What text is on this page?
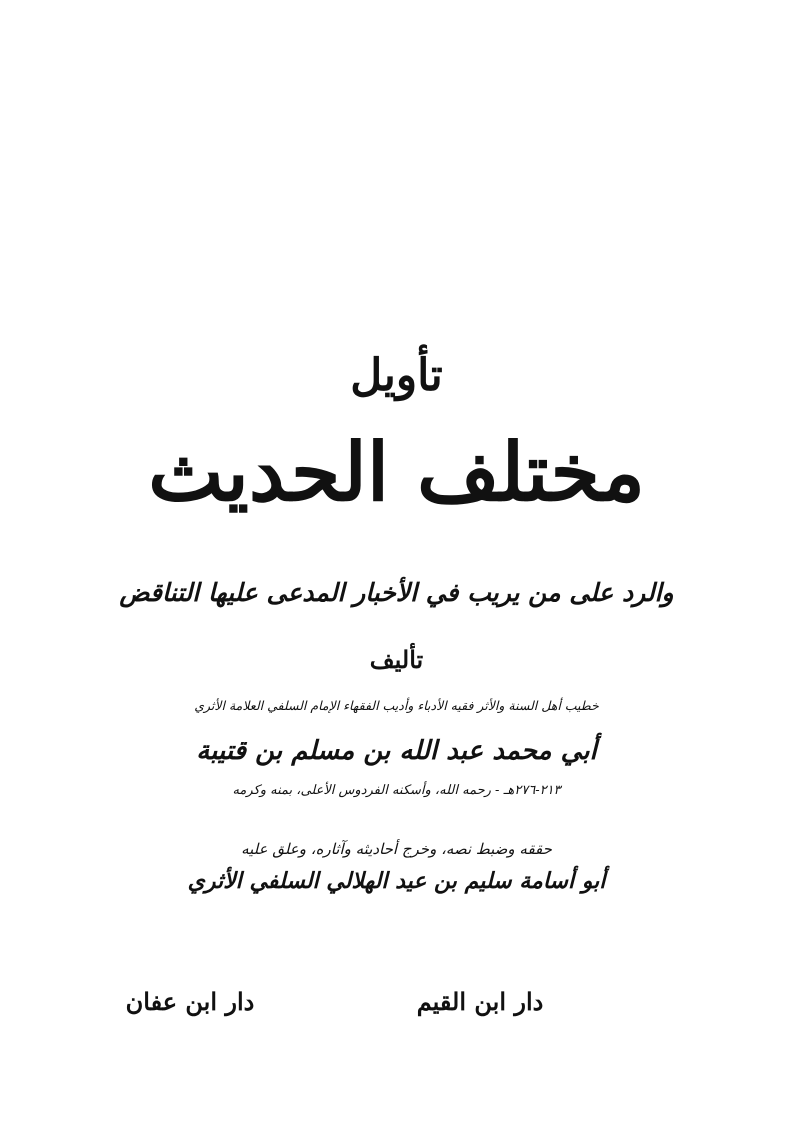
تأويل
مختلف الحديث
والرد على من يريب في الأخبار المدعى عليها التناقض
تأليف
خطيب أهل السنة والأثر فقيه الأدباء وأديب الفقهاء الإمام السلفي العلامة الأثري
أبي محمد عبد الله بن مسلم بن قتيبة
٢١٣-٢٧٦هـ - رحمه الله، وأسكنه الفردوس الأعلى، بمنه وكرمه
حققه وضبط نصه، وخرج أحاديثه وآثاره، وعلق عليه
أبو أسامة سليم بن عيد الهلالي السلفي الأثري
دار ابن القيم
دار ابن عفان
